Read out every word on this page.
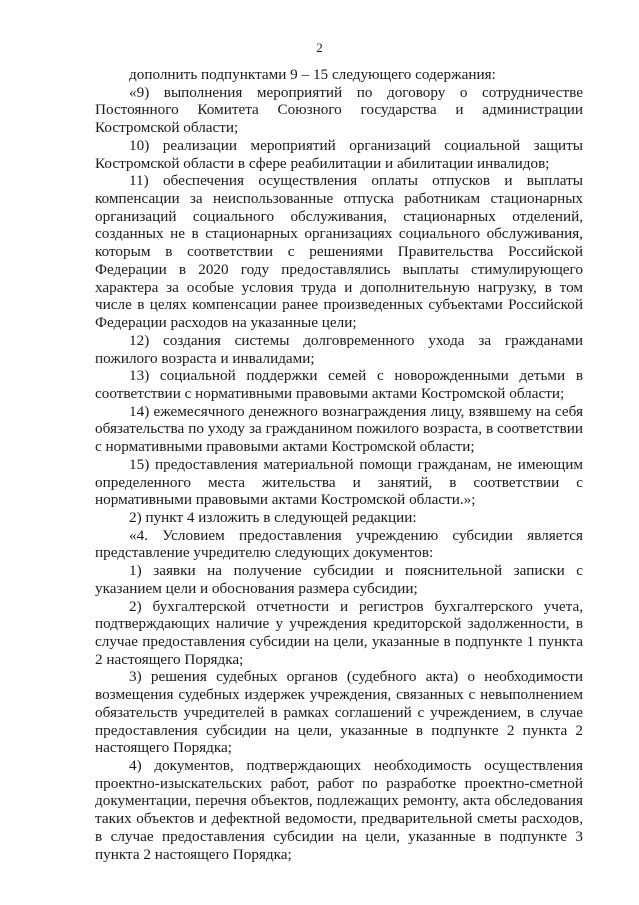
2

дополнить подпунктами 9 – 15 следующего содержания:

«9) выполнения мероприятий по договору о сотрудничестве Постоянного Комитета Союзного государства и администрации Костромской области;

10) реализации мероприятий организаций социальной защиты Костромской области в сфере реабилитации и абилитации инвалидов;

11) обеспечения осуществления оплаты отпусков и выплаты компенсации за неиспользованные отпуска работникам стационарных организаций социального обслуживания, стационарных отделений, созданных не в стационарных организациях социального обслуживания, которым в соответствии с решениями Правительства Российской Федерации в 2020 году предоставлялись выплаты стимулирующего характера за особые условия труда и дополнительную нагрузку, в том числе в целях компенсации ранее произведенных субъектами Российской Федерации расходов на указанные цели;

12) создания системы долговременного ухода за гражданами пожилого возраста и инвалидами;

13) социальной поддержки семей с новорожденными детьми в соответствии с нормативными правовыми актами Костромской области;

14) ежемесячного денежного вознаграждения лицу, взявшему на себя обязательства по уходу за гражданином пожилого возраста, в соответствии с нормативными правовыми актами Костромской области;

15) предоставления материальной помощи гражданам, не имеющим определенного места жительства и занятий, в соответствии с нормативными правовыми актами Костромской области.»;

2) пункт 4 изложить в следующей редакции:

«4. Условием предоставления учреждению субсидии является представление учредителю следующих документов:

1) заявки на получение субсидии и пояснительной записки с указанием цели и обоснования размера субсидии;

2) бухгалтерской отчетности и регистров бухгалтерского учета, подтверждающих наличие у учреждения кредиторской задолженности, в случае предоставления субсидии на цели, указанные в подпункте 1 пункта 2 настоящего Порядка;

3) решения судебных органов (судебного акта) о необходимости возмещения судебных издержек учреждения, связанных с невыполнением обязательств учредителей в рамках соглашений с учреждением, в случае предоставления субсидии на цели, указанные в подпункте 2 пункта 2 настоящего Порядка;

4) документов, подтверждающих необходимость осуществления проектно-изыскательских работ, работ по разработке проектно-сметной документации, перечня объектов, подлежащих ремонту, акта обследования таких объектов и дефектной ведомости, предварительной сметы расходов, в случае предоставления субсидии на цели, указанные в подпункте 3 пункта 2 настоящего Порядка;
